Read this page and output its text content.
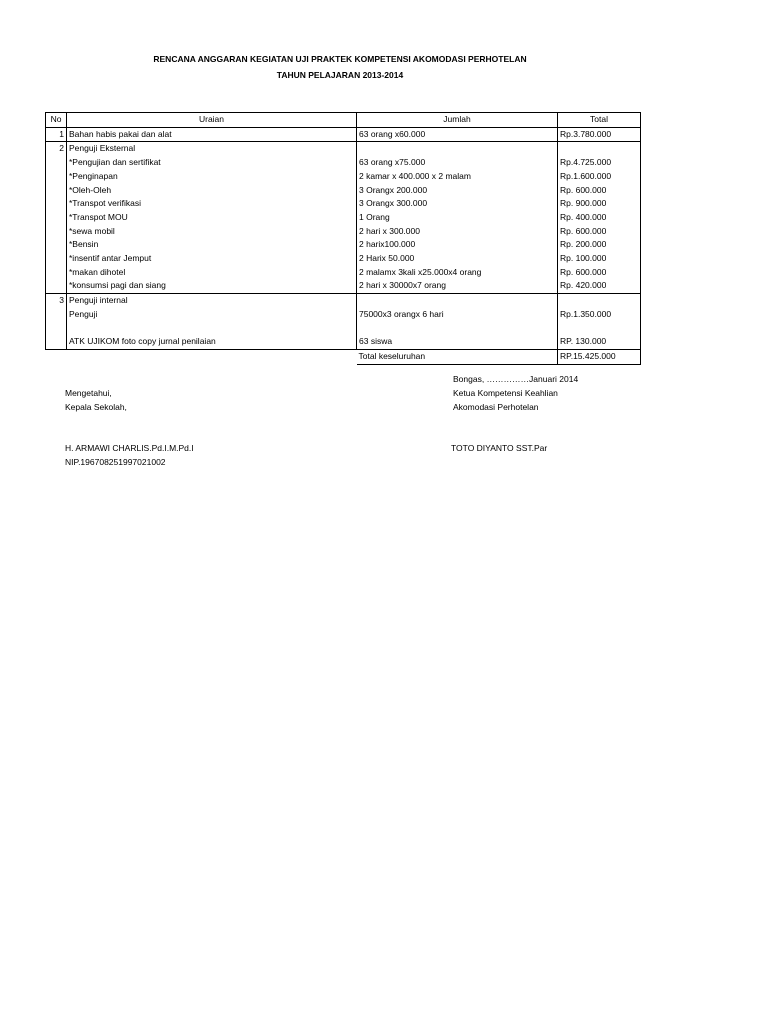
RENCANA ANGGARAN KEGIATAN UJI PRAKTEK KOMPETENSI AKOMODASI PERHOTELAN
TAHUN PELAJARAN 2013-2014
No	Uraian	Jumlah	Total
1	Bahan habis pakai dan alat	63 orang x60.000	Rp.3.780.000
2	Penguji Eksternal		
	*Pengujian dan sertifikat	63 orang x75.000	Rp.4.725.000
	*Penginapan	2 kamar x 400.000 x 2 malam	Rp.1.600.000
	*Oleh-Oleh	3 Orangx 200.000	Rp. 600.000
	*Transpot verifikasi	3 Orangx 300.000	Rp. 900.000
	*Transpot MOU	1 Orang	Rp. 400.000
	*sewa mobil	2 hari x 300.000	Rp. 600.000
	*Bensin	2 harix100.000	Rp. 200.000
	*insentif antar Jemput	2 Harix 50.000	Rp. 100.000
	*makan dihotel	2 malamx 3kali x25.000x4 orang	Rp. 600.000
	*konsumsi pagi dan siang	2 hari x 30000x7 orang	Rp. 420.000
3	Penguji internal		
	Penguji	75000x3 orangx 6 hari	Rp.1.350.000

	ATK UJIKOM foto copy jurnal penilaian	63 siswa	RP. 130.000
		Total keseluruhan	RP.15.425.000
Mengetahui,
Kepala Sekolah,
Bongas, ……………Januari 2014
Ketua Kompetensi Keahlian
Akomodasi Perhotelan
H. ARMAWI CHARLIS.Pd.I.M.Pd.I
NIP.196708251997021002
TOTO DIYANTO SST.Par
